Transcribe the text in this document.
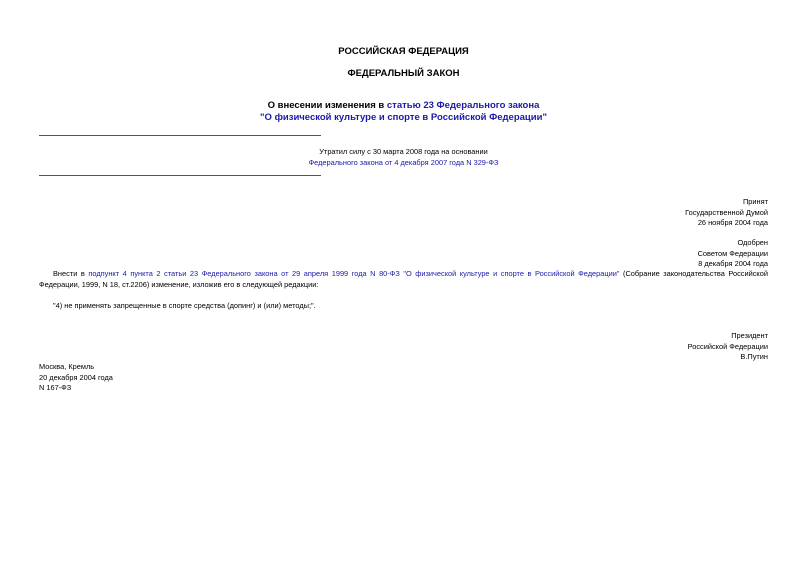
РОССИЙСКАЯ ФЕДЕРАЦИЯ
ФЕДЕРАЛЬНЫЙ ЗАКОН
О внесении изменения в статью 23 Федерального закона
"О физической культуре и спорте в Российской Федерации"
Утратил силу с 30 марта 2008 года на основании
Федерального закона от 4 декабря 2007 года N 329-ФЗ
Принят
Государственной Думой
26 ноября 2004 года
Одобрен
Советом Федерации
8 декабря 2004 года
Внести в подпункт 4 пункта 2 статьи 23 Федерального закона от 29 апреля 1999 года N 80-ФЗ "О физической культуре и спорте в Российской Федерации" (Собрание законодательства Российской Федерации, 1999, N 18, ст.2206) изменение, изложив его в следующей редакции:
"4) не применять запрещенные в спорте средства (допинг) и (или) методы;".
Президент
Российской Федерации
В.Путин
Москва, Кремль
20 декабря 2004 года
N 167-ФЗ
